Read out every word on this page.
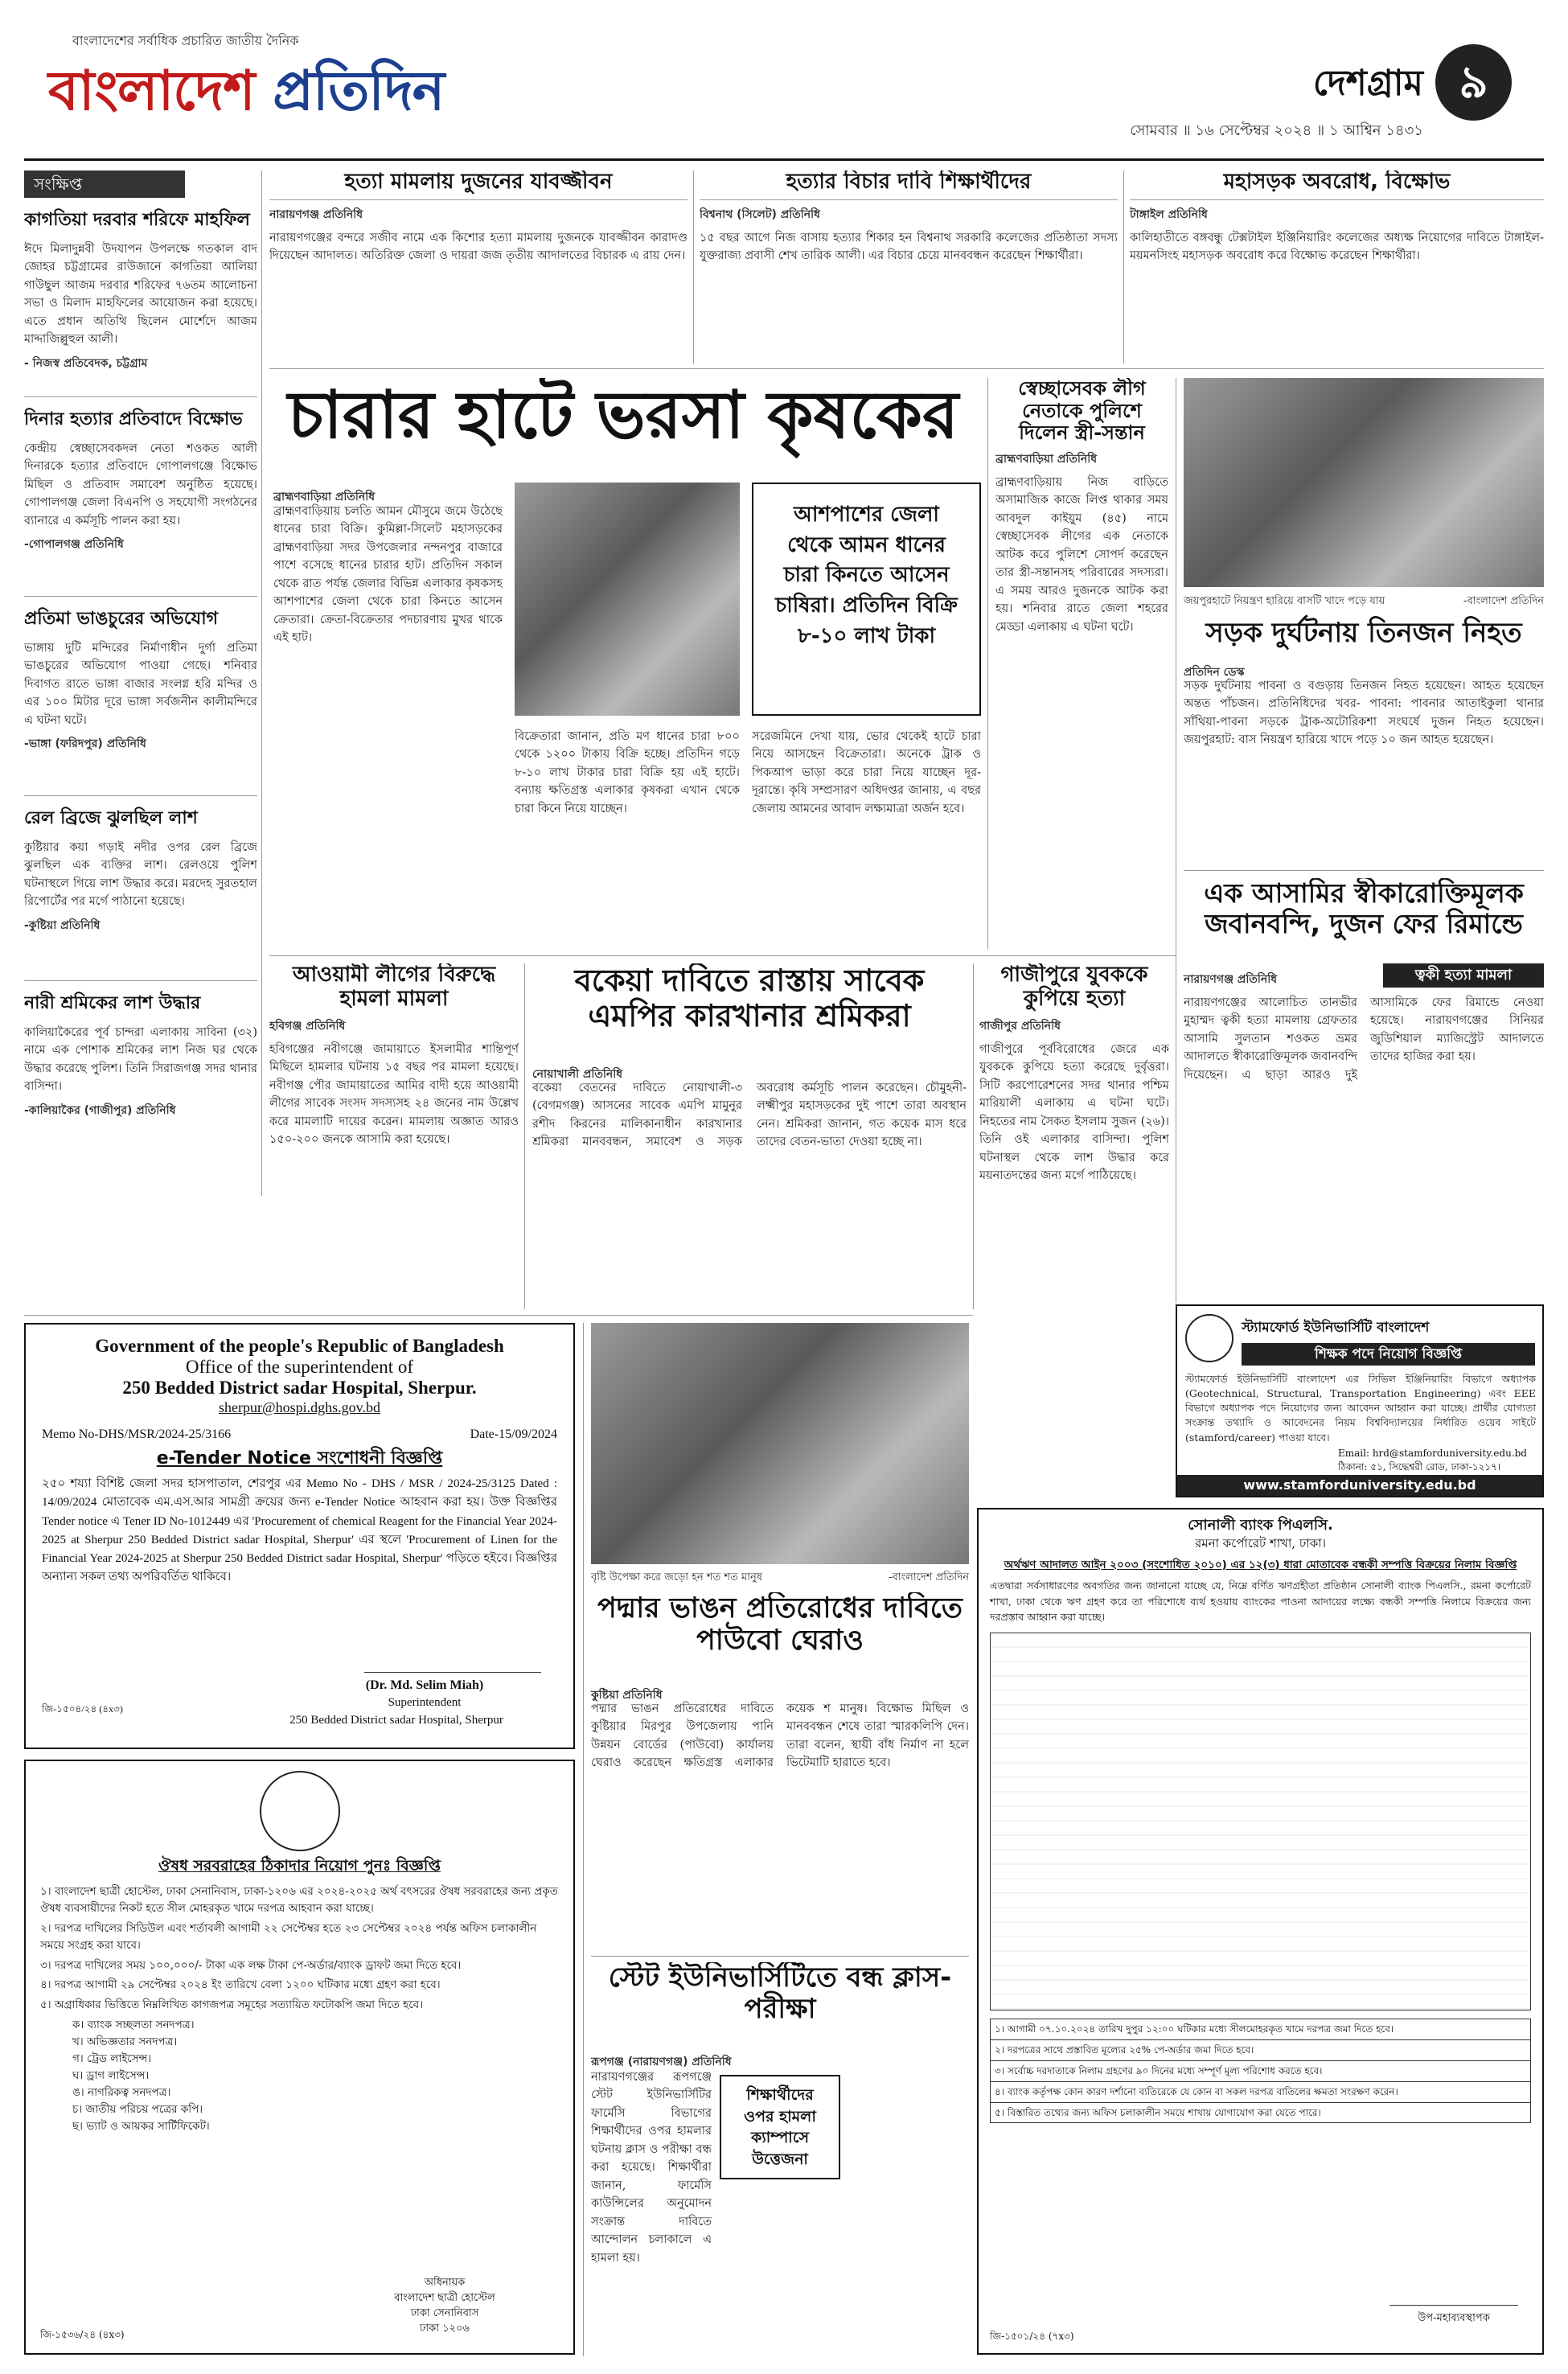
বাংলাদেশ প্রতিদিন
বাংলাদেশের সর্বাধিক প্রচারিত জাতীয় দৈনিক
দেশগ্রাম ৯
সোমবার ॥ ১৬ সেপ্টেম্বর ২০২৪ ॥ ১ আশ্বিন ১৪৩১
সংক্ষিপ্ত
কাগতিয়া দরবার শরিফে মাহফিল

ঈদে মিলাদুন্নবী উদযাপন উপলক্ষে গতকাল বাদ জোহর চট্টগ্রামের রাউজানে কাগতিয়া আলিয়া গাউছুল আজম দরবার শরিফের ৭৬তম আলোচনা সভা ও মিলাদ মাহফিলের আয়োজন করা হয়েছে। এতে প্রধান অতিথি ছিলেন মোর্শেদে আজম মাদ্দাজিল্লুহুল আলী।

- নিজস্ব প্রতিবেদক, চট্টগ্রাম

দিনার হত্যার প্রতিবাদে বিক্ষোভ

কেন্দ্রীয় স্বেচ্ছাসেবকদল নেতা শওকত আলী দিনারকে হত্যার প্রতিবাদে গোপালগঞ্জে বিক্ষোভ মিছিল ও প্রতিবাদ সমাবেশ অনুষ্ঠিত হয়েছে। গোপালগঞ্জ জেলা বিএনপি ও সহযোগী সংগঠনের ব্যানারে এ কর্মসূচি পালন করা হয়।

-গোপালগঞ্জ প্রতিনিধি

প্রতিমা ভাঙচুরের অভিযোগ

ভাঙ্গায় দুটি মন্দিরের নির্মাণাধীন দুর্গা প্রতিমা ভাঙচুরের অভিযোগ পাওয়া গেছে। শনিবার দিবাগত রাতে ভাঙ্গা বাজার সংলগ্ন হরি মন্দির ও এর ১০০ মিটার দূরে ভাঙ্গা সর্বজনীন কালীমন্দিরে এ ঘটনা ঘটে।

-ভাঙ্গা (ফরিদপুর) প্রতিনিধি

রেল ব্রিজে ঝুলছিল লাশ

কুষ্টিয়ার কয়া গড়াই নদীর ওপর রেল ব্রিজে ঝুলছিল এক ব্যক্তির লাশ। রেলওয়ে পুলিশ ঘটনাস্থলে গিয়ে লাশ উদ্ধার করে। মরদেহ সুরতহাল রিপোর্টের পর মর্গে পাঠানো হয়েছে।

-কুষ্টিয়া প্রতিনিধি

নারী শ্রমিকের লাশ উদ্ধার

কালিয়াকৈরের পূর্ব চান্দরা এলাকায় সাবিনা (৩২) নামে এক পোশাক শ্রমিকের লাশ নিজ ঘর থেকে উদ্ধার করেছে পুলিশ। তিনি সিরাজগঞ্জ সদর থানার বাসিন্দা।

-কালিয়াকৈর (গাজীপুর) প্রতিনিধি

হত্যা মামলায় দুজনের যাবজ্জীবন
নারায়ণগঞ্জ প্রতিনিধি

নারায়ণগঞ্জের বন্দরে সজীব নামে এক কিশোর হত্যা মামলায় দুজনকে যাবজ্জীবন কারাদণ্ড দিয়েছেন আদালত। অতিরিক্ত জেলা ও দায়রা জজ তৃতীয় আদালতের বিচারক এ রায় দেন।

হত্যার বিচার দাবি শিক্ষার্থীদের
বিশ্বনাথ (সিলেট) প্রতিনিধি

১৫ বছর আগে নিজ বাসায় হত্যার শিকার হন বিশ্বনাথ সরকারি কলেজের প্রতিষ্ঠাতা সদস্য যুক্তরাজ্য প্রবাসী শেখ তারিক আলী। এর বিচার চেয়ে মানববন্ধন করেছেন শিক্ষার্থীরা।

মহাসড়ক অবরোধ, বিক্ষোভ
টাঙ্গাইল প্রতিনিধি

কালিহাতীতে বঙ্গবন্ধু টেক্সটাইল ইঞ্জিনিয়ারিং কলেজের অধ্যক্ষ নিয়োগের দাবিতে টাঙ্গাইল-ময়মনসিংহ মহাসড়ক অবরোধ করে বিক্ষোভ করেছেন শিক্ষার্থীরা।

চারার হাটে ভরসা কৃষকের
ব্রাহ্মণবাড়িয়া প্রতিনিধি
ব্রাহ্মণবাড়িয়ায় চলতি আমন মৌসুমে জমে উঠেছে ধানের চারা বিক্রি। কুমিল্লা-সিলেট মহাসড়কের ব্রাহ্মণবাড়িয়া সদর উপজেলার নন্দনপুর বাজারে পাশে বসেছে ধানের চারার হাট। প্রতিদিন সকাল থেকে রাত পর্যন্ত জেলার বিভিন্ন এলাকার কৃষকসহ আশপাশের জেলা থেকে চারা কিনতে আসেন ক্রেতারা। ক্রেতা-বিক্রেতার পদচারণায় মুখর থাকে এই হাট।
আশপাশের জেলা থেকে আমন ধানের চারা কিনতে আসেন চাষিরা। প্রতিদিন বিক্রি ৮-১০ লাখ টাকা
বিক্রেতারা জানান, প্রতি মণ ধানের চারা ৮০০ থেকে ১২০০ টাকায় বিক্রি হচ্ছে। প্রতিদিন গড়ে ৮-১০ লাখ টাকার চারা বিক্রি হয় এই হাটে। বন্যায় ক্ষতিগ্রস্ত এলাকার কৃষকরা এখান থেকে চারা কিনে নিয়ে যাচ্ছেন।
সরেজমিনে দেখা যায়, ভোর থেকেই হাটে চারা নিয়ে আসছেন বিক্রেতারা। অনেকে ট্রাক ও পিকআপ ভাড়া করে চারা নিয়ে যাচ্ছেন দূর-দূরান্তে। কৃষি সম্প্রসারণ অধিদপ্তর জানায়, এ বছর জেলায় আমনের আবাদ লক্ষ্যমাত্রা অর্জন হবে।
স্বেচ্ছাসেবক লীগ নেতাকে পুলিশে দিলেন স্ত্রী-সন্তান
ব্রাহ্মণবাড়িয়া প্রতিনিধি

ব্রাহ্মণবাড়িয়ায় নিজ বাড়িতে অসামাজিক কাজে লিপ্ত থাকার সময় আবদুল কাইয়ুম (৪৫) নামে স্বেচ্ছাসেবক লীগের এক নেতাকে আটক করে পুলিশে সোপর্দ করেছেন তার স্ত্রী-সন্তানসহ পরিবারের সদস্যরা। এ সময় আরও দুজনকে আটক করা হয়। শনিবার রাতে জেলা শহরের মেড্ডা এলাকায় এ ঘটনা ঘটে।

জয়পুরহাটে নিয়ন্ত্রণ হারিয়ে বাসটি খাদে পড়ে যায়	-বাংলাদেশ প্রতিদিন
সড়ক দুর্ঘটনায় তিনজন নিহত
প্রতিদিন ডেস্ক
সড়ক দুর্ঘটনায় পাবনা ও বগুড়ায় তিনজন নিহত হয়েছেন। আহত হয়েছেন অন্তত পাঁচজন। প্রতিনিধিদের খবর- পাবনা: পাবনার আতাইকুলা থানার সাঁথিয়া-পাবনা সড়কে ট্রাক-অটোরিকশা সংঘর্ষে দুজন নিহত হয়েছেন। জয়পুরহাট: বাস নিয়ন্ত্রণ হারিয়ে খাদে পড়ে ১০ জন আহত হয়েছেন।
আওয়ামী লীগের বিরুদ্ধে হামলা মামলা
হবিগঞ্জ প্রতিনিধি

হবিগঞ্জের নবীগঞ্জে জামায়াতে ইসলামীর শান্তিপূর্ণ মিছিলে হামলার ঘটনায় ১৫ বছর পর মামলা হয়েছে। নবীগঞ্জ পৌর জামায়াতের আমির বাদী হয়ে আওয়ামী লীগের সাবেক সংসদ সদস্যসহ ২৪ জনের নাম উল্লেখ করে মামলাটি দায়ের করেন। মামলায় অজ্ঞাত আরও ১৫০-২০০ জনকে আসামি করা হয়েছে।

বকেয়া দাবিতে রাস্তায় সাবেক এমপির কারখানার শ্রমিকরা
নোয়াখালী প্রতিনিধি
বকেয়া বেতনের দাবিতে নোয়াখালী-৩ (বেগমগঞ্জ) আসনের সাবেক এমপি মামুনুর রশীদ কিরনের মালিকানাধীন কারখানার শ্রমিকরা মানববন্ধন, সমাবেশ ও সড়ক অবরোধ কর্মসূচি পালন করেছেন। চৌমুহনী-লক্ষ্মীপুর মহাসড়কের দুই পাশে তারা অবস্থান নেন। শ্রমিকরা জানান, গত কয়েক মাস ধরে তাদের বেতন-ভাতা দেওয়া হচ্ছে না।
গাজীপুরে যুবককে কুপিয়ে হত্যা
গাজীপুর প্রতিনিধি

গাজীপুরে পূর্ববিরোধের জেরে এক যুবককে কুপিয়ে হত্যা করেছে দুর্বৃত্তরা। সিটি করপোরেশনের সদর থানার পশ্চিম মারিয়ালী এলাকায় এ ঘটনা ঘটে। নিহতের নাম সৈকত ইসলাম সুজন (২৬)। তিনি ওই এলাকার বাসিন্দা। পুলিশ ঘটনাস্থল থেকে লাশ উদ্ধার করে ময়নাতদন্তের জন্য মর্গে পাঠিয়েছে।

এক আসামির স্বীকারোক্তিমূলক জবানবন্দি, দুজন ফের রিমান্ডে
নারায়ণগঞ্জ প্রতিনিধি	ত্বকী হত্যা মামলা
নারায়ণগঞ্জের আলোচিত তানভীর মুহাম্মদ ত্বকী হত্যা মামলায় গ্রেফতার আসামি সুলতান শওকত ভ্রমর আদালতে স্বীকারোক্তিমূলক জবানবন্দি দিয়েছেন। এ ছাড়া আরও দুই আসামিকে ফের রিমান্ডে নেওয়া হয়েছে। নারায়ণগঞ্জের সিনিয়র জুডিশিয়াল ম্যাজিস্ট্রেট আদালতে তাদের হাজির করা হয়।
স্ট্যামফোর্ড ইউনিভার্সিটি বাংলাদেশ
শিক্ষক পদে নিয়োগ বিজ্ঞপ্তি

স্ট্যামফোর্ড ইউনিভার্সিটি বাংলাদেশ এর সিভিল ইঞ্জিনিয়ারিং বিভাগে অধ্যাপক (Geotechnical, Structural, Transportation Engineering) এবং EEE বিভাগে অধ্যাপক পদে নিয়োগের জন্য আবেদন আহ্বান করা যাচ্ছে। প্রার্থীর যোগ্যতা সংক্রান্ত তথ্যাদি ও আবেদনের নিয়ম বিশ্ববিদ্যালয়ের নির্ধারিত ওয়েব সাইটে (stamford/career) পাওয়া যাবে।

Email: hrd@stamforduniversity.edu.bd
ঠিকানা: ৫১, সিদ্ধেশ্বরী রোড, ঢাকা-১২১৭।
www.stamforduniversity.edu.bd
Government of the people's Republic of Bangladesh
Office of the superintendent of
250 Bedded District sadar Hospital, Sherpur.
sherpur@hospi.dghs.gov.bd
Memo No-DHS/MSR/2024-25/3166	Date-15/09/2024
e-Tender Notice সংশোধনী বিজ্ঞপ্তি

২৫০ শয্যা বিশিষ্ট জেলা সদর হাসপাতাল, শেরপুর এর Memo No - DHS / MSR / 2024-25/3125 Dated : 14/09/2024 মোতাবেক এম.এস.আর সামগ্রী ক্রয়ের জন্য e-Tender Notice আহবান করা হয়। উক্ত বিজ্ঞপ্তির Tender notice এ Tener ID No-1012449 এর 'Procurement of chemical Reagent for the Financial Year 2024-2025 at Sherpur 250 Bedded District sadar Hospital, Sherpur' এর স্থলে 'Procurement of Linen for the Financial Year 2024-2025 at Sherpur 250 Bedded District sadar Hospital, Sherpur' পড়িতে হইবে। বিজ্ঞপ্তির অন্যান্য সকল তথ্য অপরিবর্তিত থাকিবে।

(Dr. Md. Selim Miah)
Superintendent
250 Bedded District sadar Hospital, Sherpur
জি-১৫০৪/২৪ (৪x৩)
বৃষ্টি উপেক্ষা করে জড়ো হন শত শত মানুষ	-বাংলাদেশ প্রতিদিন
পদ্মার ভাঙন প্রতিরোধের দাবিতে পাউবো ঘেরাও
কুষ্টিয়া প্রতিনিধি
পদ্মার ভাঙন প্রতিরোধের দাবিতে কুষ্টিয়ার মিরপুর উপজেলায় পানি উন্নয়ন বোর্ডের (পাউবো) কার্যালয় ঘেরাও করেছেন ক্ষতিগ্রস্ত এলাকার কয়েক শ মানুষ। বিক্ষোভ মিছিল ও মানববন্ধন শেষে তারা স্মারকলিপি দেন। তারা বলেন, স্থায়ী বাঁধ নির্মাণ না হলে ভিটেমাটি হারাতে হবে।
স্টেট ইউনিভার্সিটিতে বন্ধ ক্লাস-পরীক্ষা
রূপগঞ্জ (নারায়ণগঞ্জ) প্রতিনিধি
নারায়ণগঞ্জের রূপগঞ্জে স্টেট ইউনিভার্সিটির ফার্মেসি বিভাগের শিক্ষার্থীদের ওপর হামলার ঘটনায় ক্লাস ও পরীক্ষা বন্ধ করা হয়েছে। শিক্ষার্থীরা জানান, ফার্মেসি কাউন্সিলের অনুমোদন সংক্রান্ত দাবিতে আন্দোলন চলাকালে এ হামলা হয়।
শিক্ষার্থীদের ওপর হামলা ক্যাম্পাসে উত্তেজনা
ঔষধ সরবরাহের ঠিকাদার নিয়োগ পুনঃ বিজ্ঞপ্তি

১। বাংলাদেশ ছাত্রী হোস্টেল, ঢাকা সেনানিবাস, ঢাকা-১২০৬ এর ২০২৪-২০২৫ অর্থ বৎসরের ঔষধ সরবরাহের জন্য প্রকৃত ঔষধ ব্যবসায়ীদের নিকট হতে সীল মোহরকৃত খামে দরপত্র আহবান করা যাচ্ছে।

২। দরপত্র দাখিলের সিডিউল এবং শর্তাবলী আগামী ২২ সেপ্টেম্বর হতে ২৩ সেপ্টেম্বর ২০২৪ পর্যন্ত অফিস চলাকালীন সময়ে সংগ্রহ করা যাবে।

৩। দরপত্র দাখিলের সময় ১০০,০০০/- টাকা এক লক্ষ টাকা পে-অর্ডার/ব্যাংক ড্রাফট জমা দিতে হবে।

৪। দরপত্র আগামী ২৯ সেপ্টেম্বর ২০২৪ ইং তারিখে বেলা ১২০০ ঘটিকার মধ্যে গ্রহণ করা হবে।

৫। অগ্রাধিকার ভিত্তিতে নিম্নলিখিত কাগজপত্র সমূহের সত্যায়িত ফটোকপি জমা দিতে হবে।

ক। ব্যাংক সচ্ছলতা সনদপত্র।

খ। অভিজ্ঞতার সনদপত্র।

গ। ট্রেড লাইসেন্স।

ঘ। ড্রাগ লাইসেন্স।

ঙ। নাগরিকত্ব সনদপত্র।

চ। জাতীয় পরিচয় পত্রের কপি।

ছ। ভ্যাট ও আয়কর সার্টিফিকেট।

অধিনায়ক

বাংলাদেশ ছাত্রী হোস্টেল

ঢাকা সেনানিবাস

ঢাকা ১২০৬

জি-১৫৩৬/২৪ (৪x৩)
সোনালী ব্যাংক পিএলসি.
রমনা কর্পোরেট শাখা, ঢাকা।
অর্থঋণ আদালত আইন ২০০৩ (সংশোধিত ২০১০) এর ১২(৩) ধারা মোতাবেক বন্ধকী সম্পত্তি বিক্রয়ের নিলাম বিজ্ঞপ্তি

এতদ্বারা সর্বসাধারণের অবগতির জন্য জানানো যাচ্ছে যে, নিম্নে বর্ণিত ঋণগ্রহীতা প্রতিষ্ঠান সোনালী ব্যাংক পিএলসি., রমনা কর্পোরেট শাখা, ঢাকা থেকে ঋণ গ্রহণ করে তা পরিশোধে ব্যর্থ হওয়ায় ব্যাংকের পাওনা আদায়ের লক্ষ্যে বন্ধকী সম্পত্তি নিলামে বিক্রয়ের জন্য দরপ্রস্তাব আহ্বান করা যাচ্ছে।

১। আগামী ০৭.১০.২০২৪ তারিখ দুপুর ১২:০০ ঘটিকার মধ্যে সীলমোহরকৃত খামে দরপত্র জমা দিতে হবে।
২। দরপত্রের সাথে প্রস্তাবিত মূল্যের ২৫% পে-অর্ডার জমা দিতে হবে।
৩। সর্বোচ্চ দরদাতাকে নিলাম গ্রহণের ৯০ দিনের মধ্যে সম্পূর্ণ মূল্য পরিশোধ করতে হবে।
৪। ব্যাংক কর্তৃপক্ষ কোন কারণ দর্শানো ব্যতিরেকে যে কোন বা সকল দরপত্র বাতিলের ক্ষমতা সংরক্ষণ করেন।
৫। বিস্তারিত তথ্যের জন্য অফিস চলাকালীন সময়ে শাখায় যোগাযোগ করা যেতে পারে।
উপ-মহাব্যবস্থাপক
জি-১৫০১/২৪ (৭x৩)
